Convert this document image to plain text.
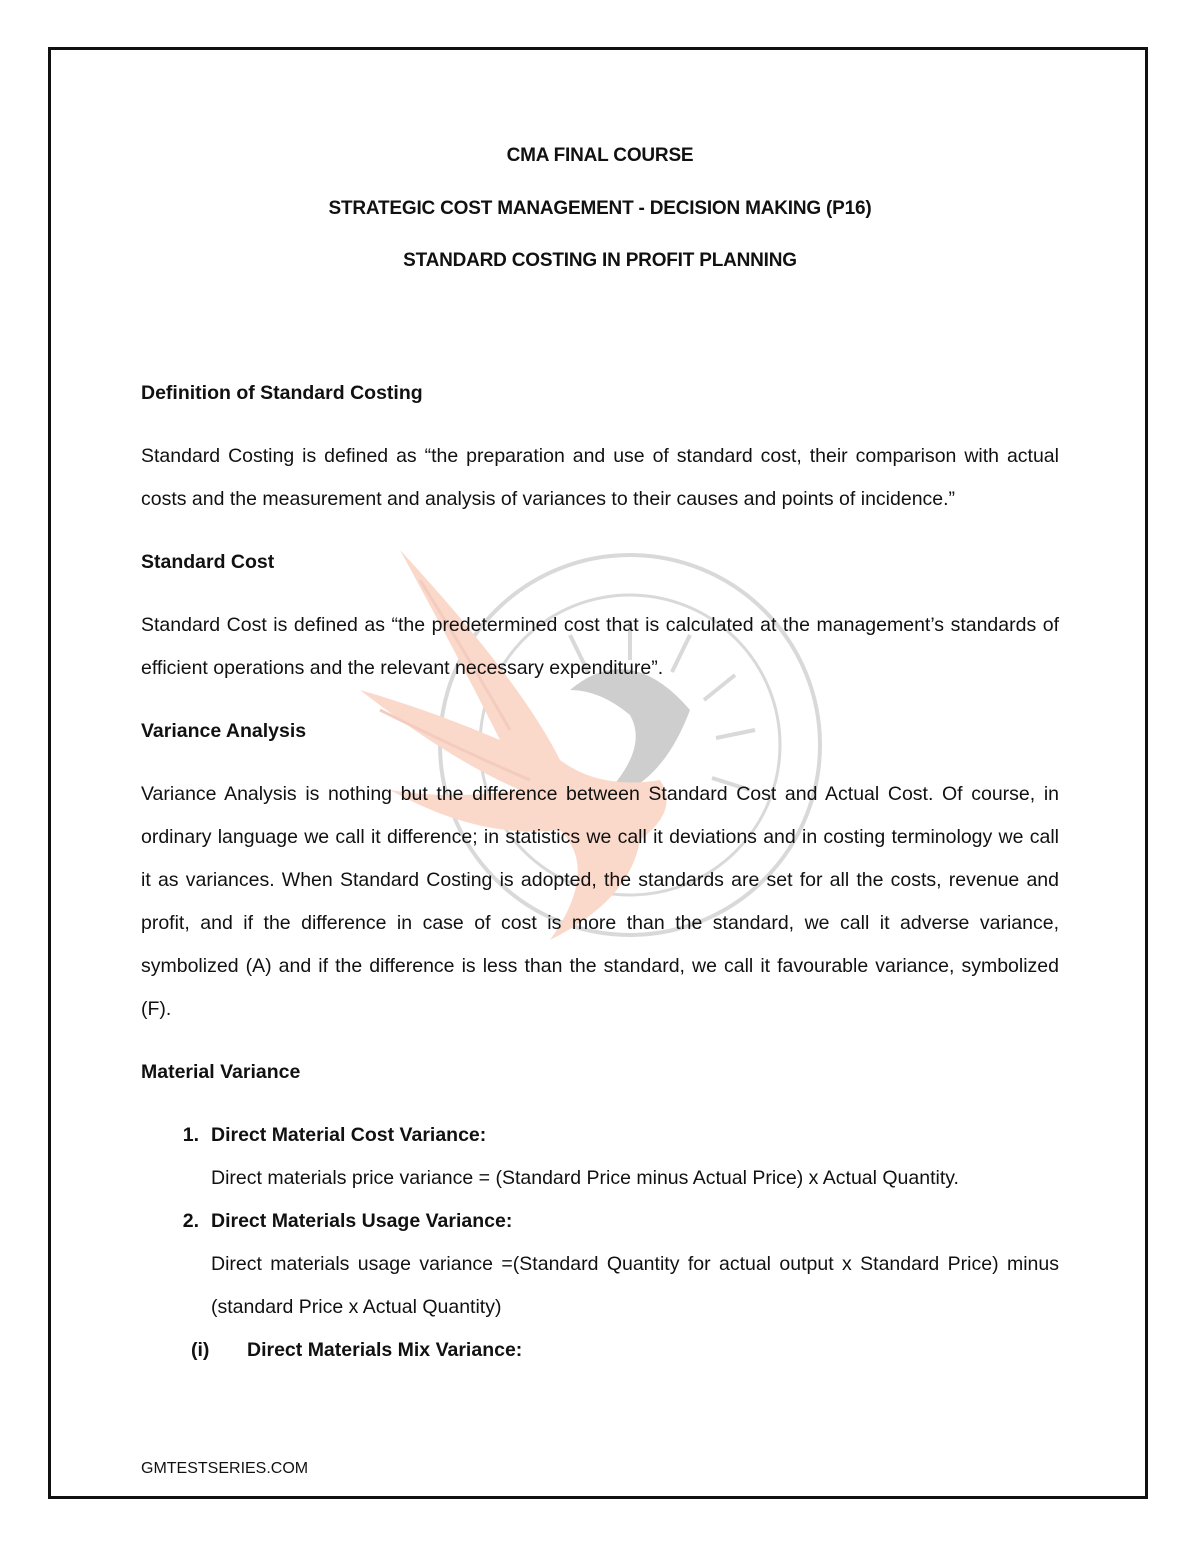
CMA FINAL COURSE
STRATEGIC COST MANAGEMENT - DECISION MAKING (P16)
STANDARD COSTING IN PROFIT PLANNING
Definition of Standard Costing

Standard Costing is defined as “the preparation and use of standard cost, their comparison with actual costs and the measurement and analysis of variances to their causes and points of incidence.”

Standard Cost

Standard Cost is defined as “the predetermined cost that is calculated at the management’s standards of efficient operations and the relevant necessary expenditure”.

Variance Analysis

Variance Analysis is nothing but the difference between Standard Cost and Actual Cost. Of course, in ordinary language we call it difference; in statistics we call it deviations and in costing terminology we call it as variances. When Standard Costing is adopted, the standards are set for all the costs, revenue and profit, and if the difference in case of cost is more than the standard, we call it adverse variance, symbolized (A) and if the difference is less than the standard, we call it favourable variance, symbolized (F).

Material Variance
1. Direct Material Cost Variance:
Direct materials price variance = (Standard Price minus Actual Price) x Actual Quantity.
2. Direct Materials Usage Variance:
Direct materials usage variance =(Standard Quantity for actual output x Standard Price) minus (standard Price x Actual Quantity)
(i)	Direct Materials Mix Variance:
GMTESTSERIES.COM
